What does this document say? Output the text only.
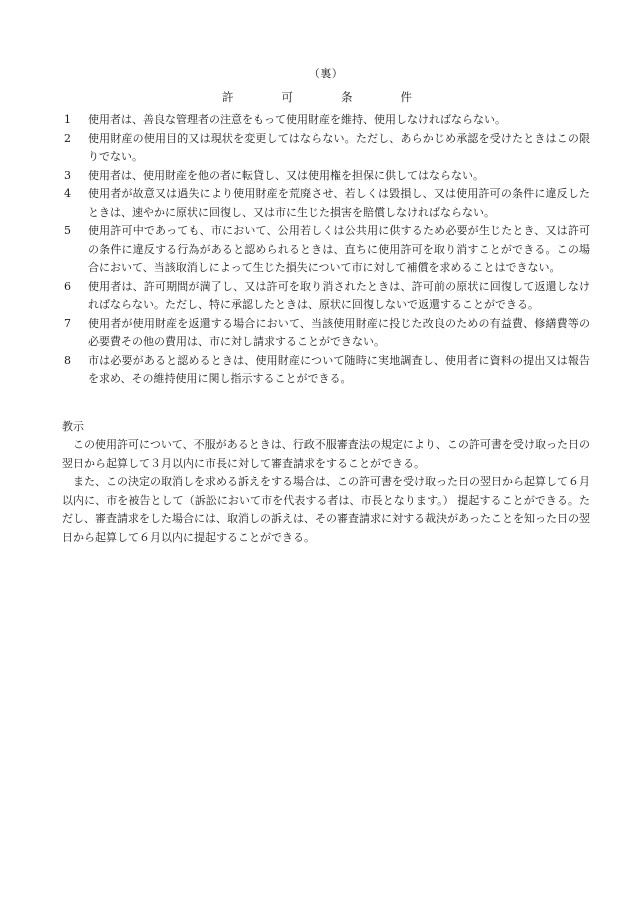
（裏）
許	可	条	件
1	使用者は、善良な管理者の注意をもって使用財産を維持、使用しなければならない。
2	使用財産の使用目的又は現状を変更してはならない。ただし、あらかじめ承認を受けたときはこの限りでない。
3	使用者は、使用財産を他の者に転貸し、又は使用権を担保に供してはならない。
4	使用者が故意又は過失により使用財産を荒廃させ、若しくは毀損し、又は使用許可の条件に違反したときは、速やかに原状に回復し、又は市に生じた損害を賠償しなければならない。
5	使用許可中であっても、市において、公用若しくは公共用に供するため必要が生じたとき、又は許可の条件に違反する行為があると認められるときは、直ちに使用許可を取り消すことができる。この場合において、当該取消しによって生じた損失について市に対して補償を求めることはできない。
6	使用者は、許可期間が満了し、又は許可を取り消されたときは、許可前の原状に回復して返還しなければならない。ただし、特に承認したときは、原状に回復しないで返還することができる。
7	使用者が使用財産を返還する場合において、当該使用財産に投じた改良のための有益費、修繕費等の必要費その他の費用は、市に対し請求することができない。
8	市は必要があると認めるときは、使用財産について随時に実地調査し、使用者に資料の提出又は報告を求め、その維持使用に関し指示することができる。
教示

この使用許可について、不服があるときは、行政不服審査法の規定により、この許可書を受け取った日の翌日から起算して３月以内に市長に対して審査請求をすることができる。

また、この決定の取消しを求める訴えをする場合は、この許可書を受け取った日の翌日から起算して６月以内に、市を被告として（訴訟において市を代表する者は、市長となります。） 提起することができる。ただし、審査請求をした場合には、取消しの訴えは、その審査請求に対する裁決があったことを知った日の翌日から起算して６月以内に提起することができる。
